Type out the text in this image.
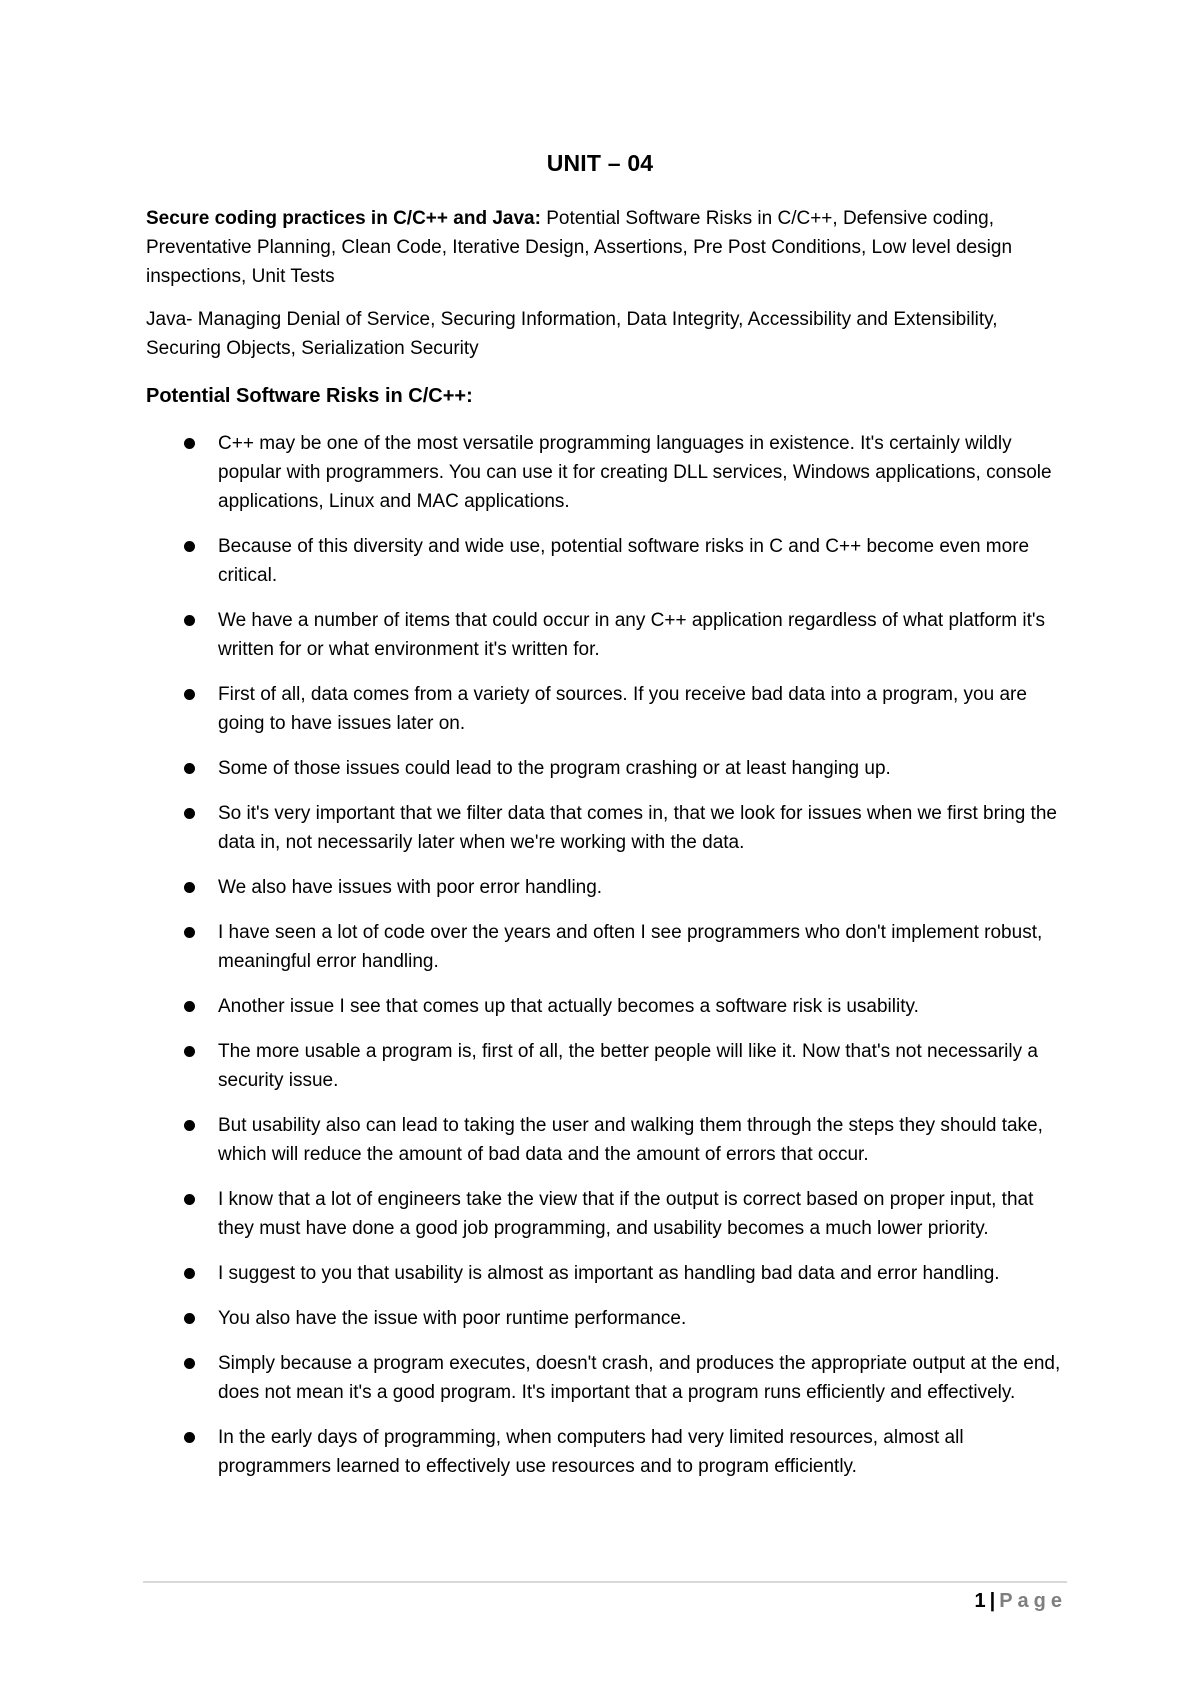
UNIT – 04

Secure coding practices in C/C++ and Java: Potential Software Risks in C/C++, Defensive coding, Preventative Planning, Clean Code, Iterative Design, Assertions, Pre Post Conditions, Low level design inspections, Unit Tests

Java- Managing Denial of Service, Securing Information, Data Integrity, Accessibility and Extensibility, Securing Objects, Serialization Security

Potential Software Risks in C/C++:
C++ may be one of the most versatile programming languages in existence. It's certainly wildly popular with programmers. You can use it for creating DLL services, Windows applications, console applications, Linux and MAC applications.
Because of this diversity and wide use, potential software risks in C and C++ become even more critical.
We have a number of items that could occur in any C++ application regardless of what platform it's written for or what environment it's written for.
First of all, data comes from a variety of sources. If you receive bad data into a program, you are going to have issues later on.
Some of those issues could lead to the program crashing or at least hanging up.
So it's very important that we filter data that comes in, that we look for issues when we first bring the data in, not necessarily later when we're working with the data.
We also have issues with poor error handling.
I have seen a lot of code over the years and often I see programmers who don't implement robust, meaningful error handling.
Another issue I see that comes up that actually becomes a software risk is usability.
The more usable a program is, first of all, the better people will like it. Now that's not necessarily a security issue.
But usability also can lead to taking the user and walking them through the steps they should take, which will reduce the amount of bad data and the amount of errors that occur.
I know that a lot of engineers take the view that if the output is correct based on proper input, that they must have done a good job programming, and usability becomes a much lower priority.
I suggest to you that usability is almost as important as handling bad data and error handling.
You also have the issue with poor runtime performance.
Simply because a program executes, doesn't crash, and produces the appropriate output at the end, does not mean it's a good program. It's important that a program runs efficiently and effectively.
In the early days of programming, when computers had very limited resources, almost all programmers learned to effectively use resources and to program efficiently.
1 | Page
